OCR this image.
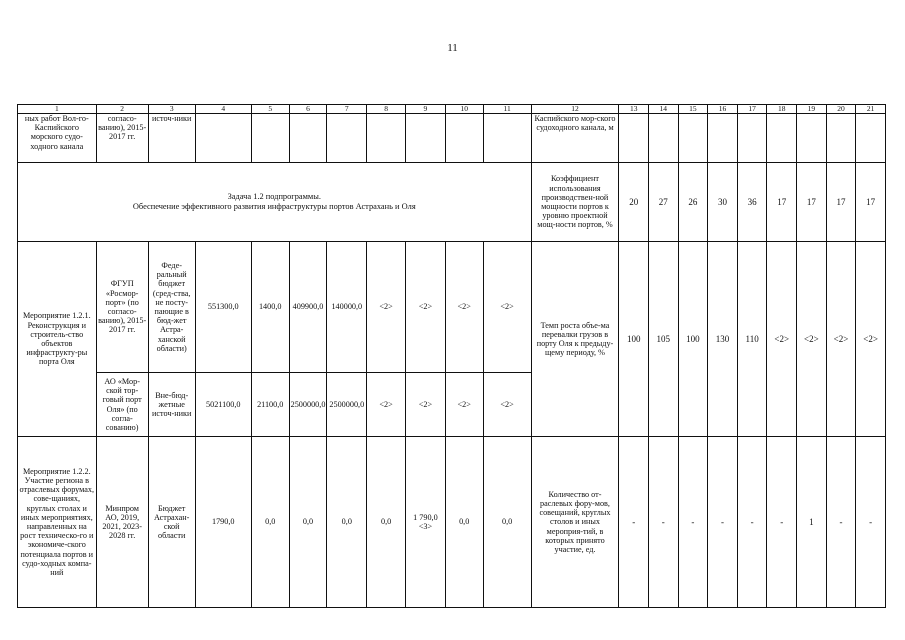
11
1	2	3	4	5	6	7	8	9	10	11	12	13	14	15	16	17	18	19	20	21
ных работ Вол-го-Каспийского морского судо-ходного канала	согласо-ванию), 2015-2017 гг.	источ-ники									Каспийского мор-ского судоходного канала, м									

Задача 1.2 подпрограммы.
Обеспечение эффективного развития инфраструктуры портов Астрахань и Оля											Коэффициент использования производствен-ной мощности портов к уровню проектной мощ-ности портов, %	20	27	26	30	36	17	17	17	17
Мероприятие 1.2.1. Реконструкция и строитель-ство объектов инфраструкту-ры порта Оля	ФГУП «Росмор-порт» (по согласо-ванию), 2015-2017 гг.	Феде-ральный бюджет (сред-ства, не посту-пающие в бюд-жет Астра-ханской области)	551300,0	1400,0	409900,0	140000,0	<2>	<2>	<2>	<2>	Темп роста объе-ма перевалки грузов в порту Оля к предыду-щему периоду, %	100	105	100	130	110	<2>	<2>	<2>	<2>
	АО «Мор-ской тор-говый порт Оля» (по согла-сованию)	Вне-бюд-жетные источ-ники	5021100,0	21100,0	2500000,0	2500000,0	<2>	<2>	<2>	<2>										
Мероприятие 1.2.2. Участие региона в отраслевых форумах, сове-щаниях, круглых столах и иных мероприятиях, направленных на рост техническо-го и экономиче-ского потенциала портов и судо-ходных компа-ний	Минпром АО, 2019, 2021, 2023-2028 гг.	Бюджет Астрахан-ской области	1790,0	0,0	0,0	0,0	0,0	1 790,0 <3>	0,0	0,0	Количество от-раслевых фору-мов, совещаний, круглых столов и иных мероприя-тий, в которых принято участие, ед.	-	-	-	-	-	-	1	-	-
